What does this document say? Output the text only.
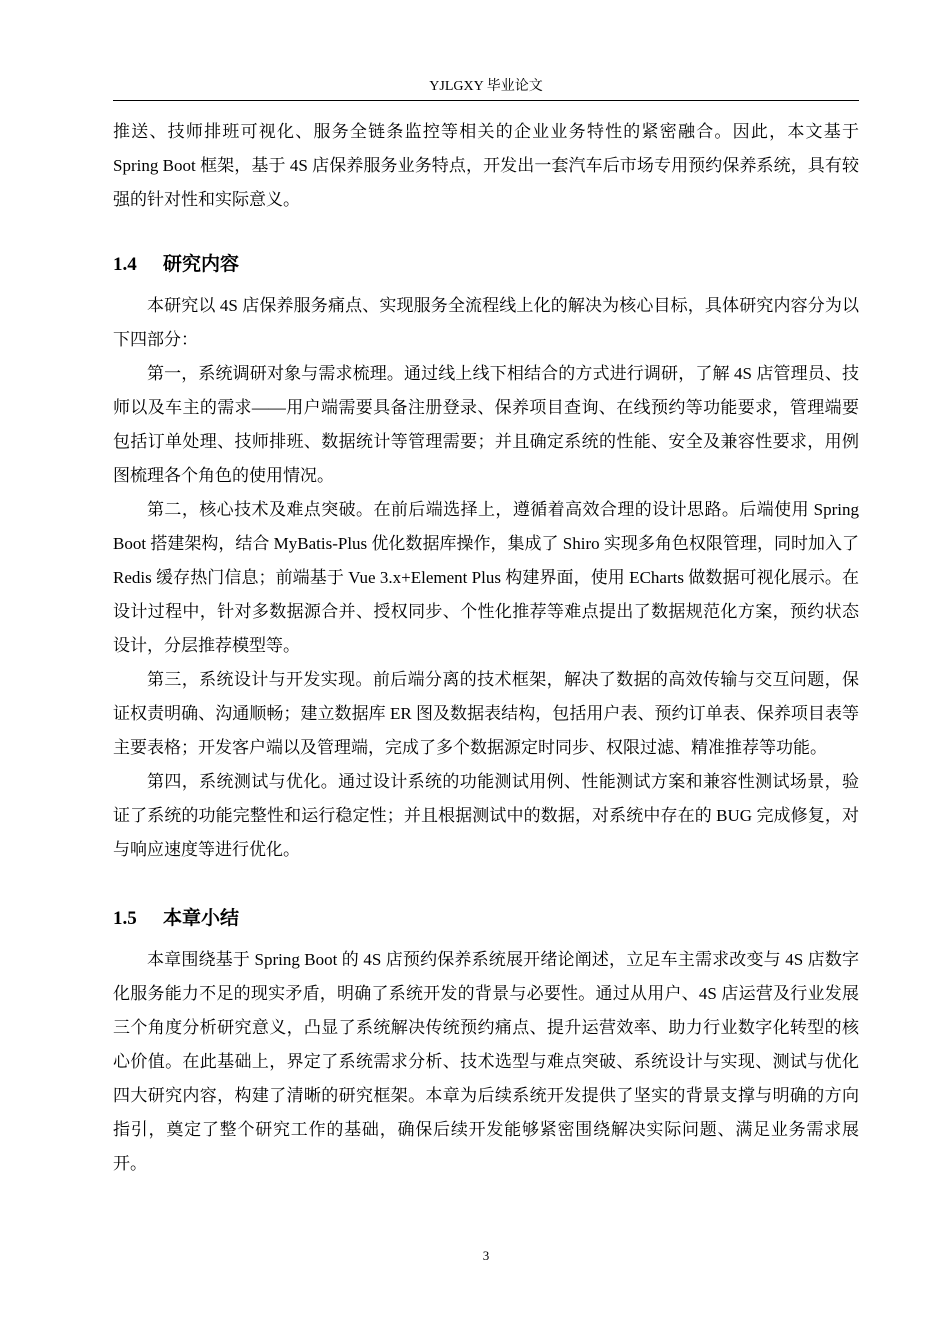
YJLGXY 毕业论文

推送、技师排班可视化、服务全链条监控等相关的企业业务特性的紧密融合。因此，本文基于 Spring Boot 框架，基于 4S 店保养服务业务特点，开发出一套汽车后市场专用预约保养系统，具有较强的针对性和实际意义。

1.4 研究内容

本研究以 4S 店保养服务痛点、实现服务全流程线上化的解决为核心目标，具体研究内容分为以下四部分：

第一，系统调研对象与需求梳理。通过线上线下相结合的方式进行调研，了解 4S 店管理员、技师以及车主的需求——用户端需要具备注册登录、保养项目查询、在线预约等功能要求，管理端要包括订单处理、技师排班、数据统计等管理需要；并且确定系统的性能、安全及兼容性要求，用例图梳理各个角色的使用情况。

第二，核心技术及难点突破。在前后端选择上，遵循着高效合理的设计思路。后端使用 Spring Boot 搭建架构，结合 MyBatis-Plus 优化数据库操作，集成了 Shiro 实现多角色权限管理，同时加入了 Redis 缓存热门信息；前端基于 Vue 3.x+Element Plus 构建界面，使用 ECharts 做数据可视化展示。在设计过程中，针对多数据源合并、授权同步、个性化推荐等难点提出了数据规范化方案，预约状态设计，分层推荐模型等。

第三，系统设计与开发实现。前后端分离的技术框架，解决了数据的高效传输与交互问题，保证权责明确、沟通顺畅；建立数据库 ER 图及数据表结构，包括用户表、预约订单表、保养项目表等主要表格；开发客户端以及管理端，完成了多个数据源定时同步、权限过滤、精准推荐等功能。

第四，系统测试与优化。通过设计系统的功能测试用例、性能测试方案和兼容性测试场景，验证了系统的功能完整性和运行稳定性；并且根据测试中的数据，对系统中存在的 BUG 完成修复，对与响应速度等进行优化。

1.5 本章小结

本章围绕基于 Spring Boot 的 4S 店预约保养系统展开绪论阐述，立足车主需求改变与 4S 店数字化服务能力不足的现实矛盾，明确了系统开发的背景与必要性。通过从用户、4S 店运营及行业发展三个角度分析研究意义，凸显了系统解决传统预约痛点、提升运营效率、助力行业数字化转型的核心价值。在此基础上，界定了系统需求分析、技术选型与难点突破、系统设计与实现、测试与优化四大研究内容，构建了清晰的研究框架。本章为后续系统开发提供了坚实的背景支撑与明确的方向指引，奠定了整个研究工作的基础，确保后续开发能够紧密围绕解决实际问题、满足业务需求展开。

3
